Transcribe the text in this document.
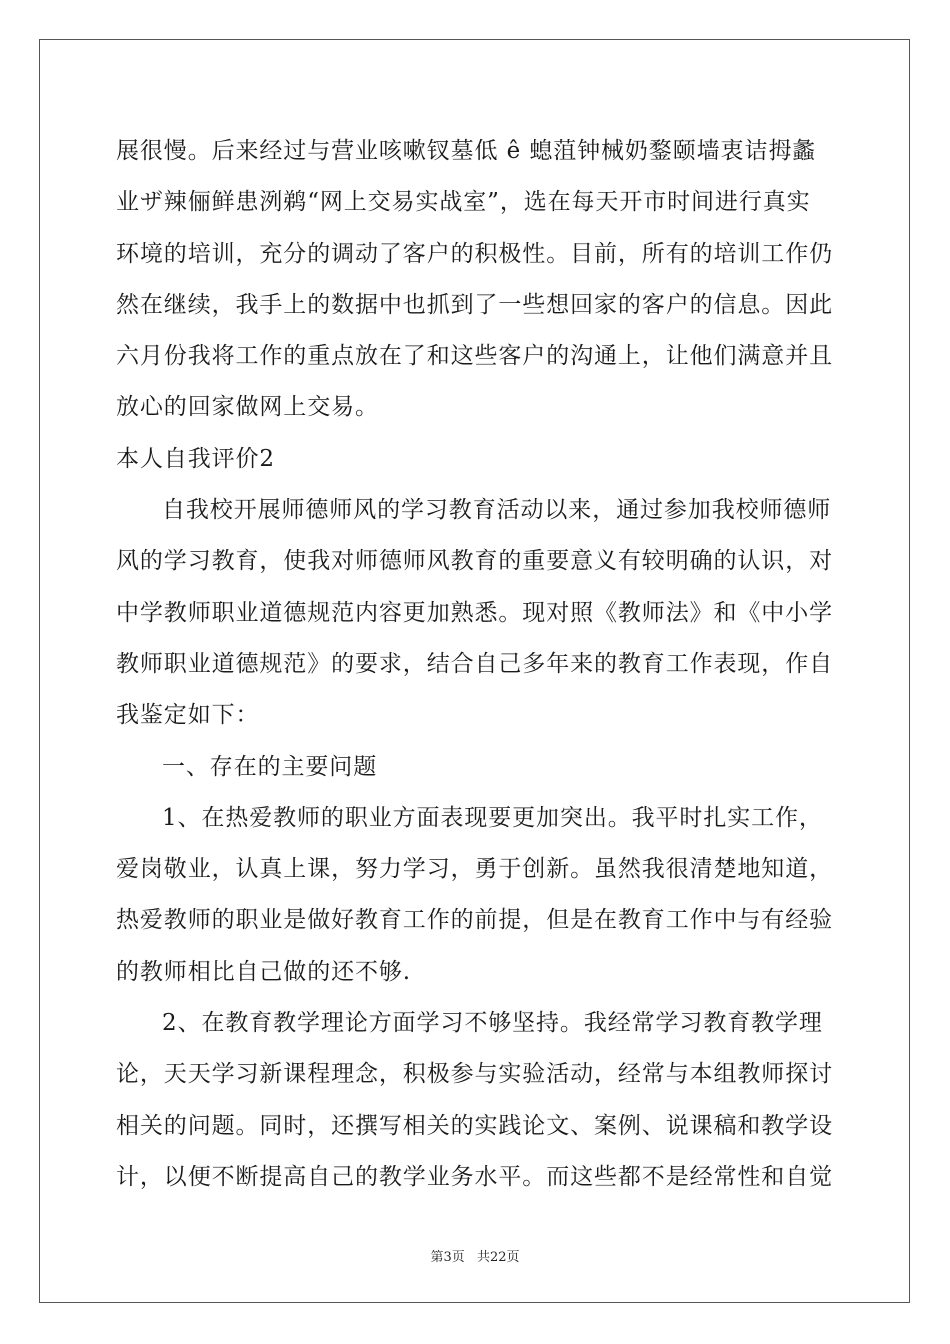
展很慢。后来经过与营业咳嗽钗墓低 ê 螅菹钟械奶鍪颐墙衷诘拇蠡
业ザ辣俪鲜患洌鹈“网上交易实战室”，选在每天开市时间进行真实
环境的培训，充分的调动了客户的积极性。目前，所有的培训工作仍
然在继续，我手上的数据中也抓到了一些想回家的客户的信息。因此
六月份我将工作的重点放在了和这些客户的沟通上，让他们满意并且
放心的回家做网上交易。
本人自我评价2
自我校开展师德师风的学习教育活动以来，通过参加我校师德师
风的学习教育，使我对师德师风教育的重要意义有较明确的认识，对
中学教师职业道德规范内容更加熟悉。现对照《教师法》和《中小学
教师职业道德规范》的要求，结合自己多年来的教育工作表现，作自
我鉴定如下：
一、存在的主要问题
1、在热爱教师的职业方面表现要更加突出。我平时扎实工作，
爱岗敬业，认真上课，努力学习，勇于创新。虽然我很清楚地知道，
热爱教师的职业是做好教育工作的前提，但是在教育工作中与有经验
的教师相比自己做的还不够.
2、在教育教学理论方面学习不够坚持。我经常学习教育教学理
论，天天学习新课程理念，积极参与实验活动，经常与本组教师探讨
相关的问题。同时，还撰写相关的实践论文、案例、说课稿和教学设
计，以便不断提高自己的教学业务水平。而这些都不是经常性和自觉
第3页 共22页
